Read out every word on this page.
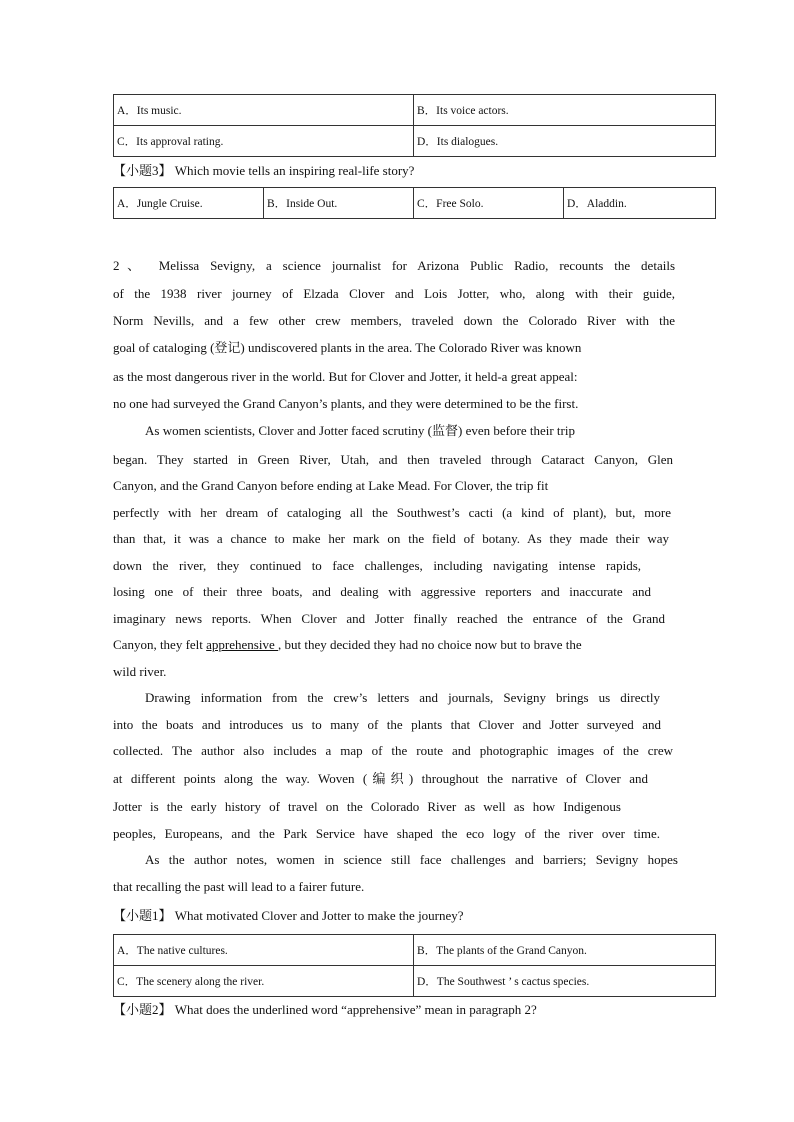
A．Its music.	B．Its voice actors.
C．Its approval rating.	D．Its dialogues.
【小题3】 Which movie tells an inspiring real-life story?
A．Jungle Cruise.	B．Inside Out.	C．Free Solo.	D．Aladdin.
2、 Melissa Sevigny, a science journalist for Arizona Public Radio, recounts the details
of the 1938 river journey of Elzada Clover and Lois Jotter, who, along with their guide,
Norm Nevills, and a few other crew members, traveled down the Colorado River with the
goal of cataloging (登记) undiscovered plants in the area. The Colorado River was known
as the most dangerous river in the world. But for Clover and Jotter, it held-a great appeal:
no one had surveyed the Grand Canyon’s plants, and they were determined to be the first.
As women scientists, Clover and Jotter faced scrutiny (监督) even before their trip
began. They started in Green River, Utah, and then traveled through Cataract Canyon, Glen
Canyon, and the Grand Canyon before ending at Lake Mead. For Clover, the trip fit
perfectly with her dream of cataloging all the Southwest’s cacti (a kind of plant), but, more
than that, it was a chance to make her mark on the field of botany. As they made their way
down the river, they continued to face challenges, including navigating intense rapids,
losing one of their three boats, and dealing with aggressive reporters and inaccurate and
imaginary news reports. When Clover and Jotter finally reached the entrance of the Grand
Canyon, they felt apprehensive , but they decided they had no choice now but to brave the
wild river.
Drawing information from the crew’s letters and journals, Sevigny brings us directly
into the boats and introduces us to many of the plants that Clover and Jotter surveyed and
collected. The author also includes a map of the route and photographic images of the crew
at different points along the way. Woven (编织) throughout the narrative of Clover and
Jotter is the early history of travel on the Colorado River as well as how Indigenous
peoples, Europeans, and the Park Service have shaped the eco logy of the river over time.
As the author notes, women in science still face challenges and barriers; Sevigny hopes
that recalling the past will lead to a fairer future.
【小题1】 What motivated Clover and Jotter to make the journey?
A．The native cultures.	B．The plants of the Grand Canyon.
C．The scenery along the river.	D．The Southwest ’ s cactus species.
【小题2】 What does the underlined word “apprehensive” mean in paragraph 2?
